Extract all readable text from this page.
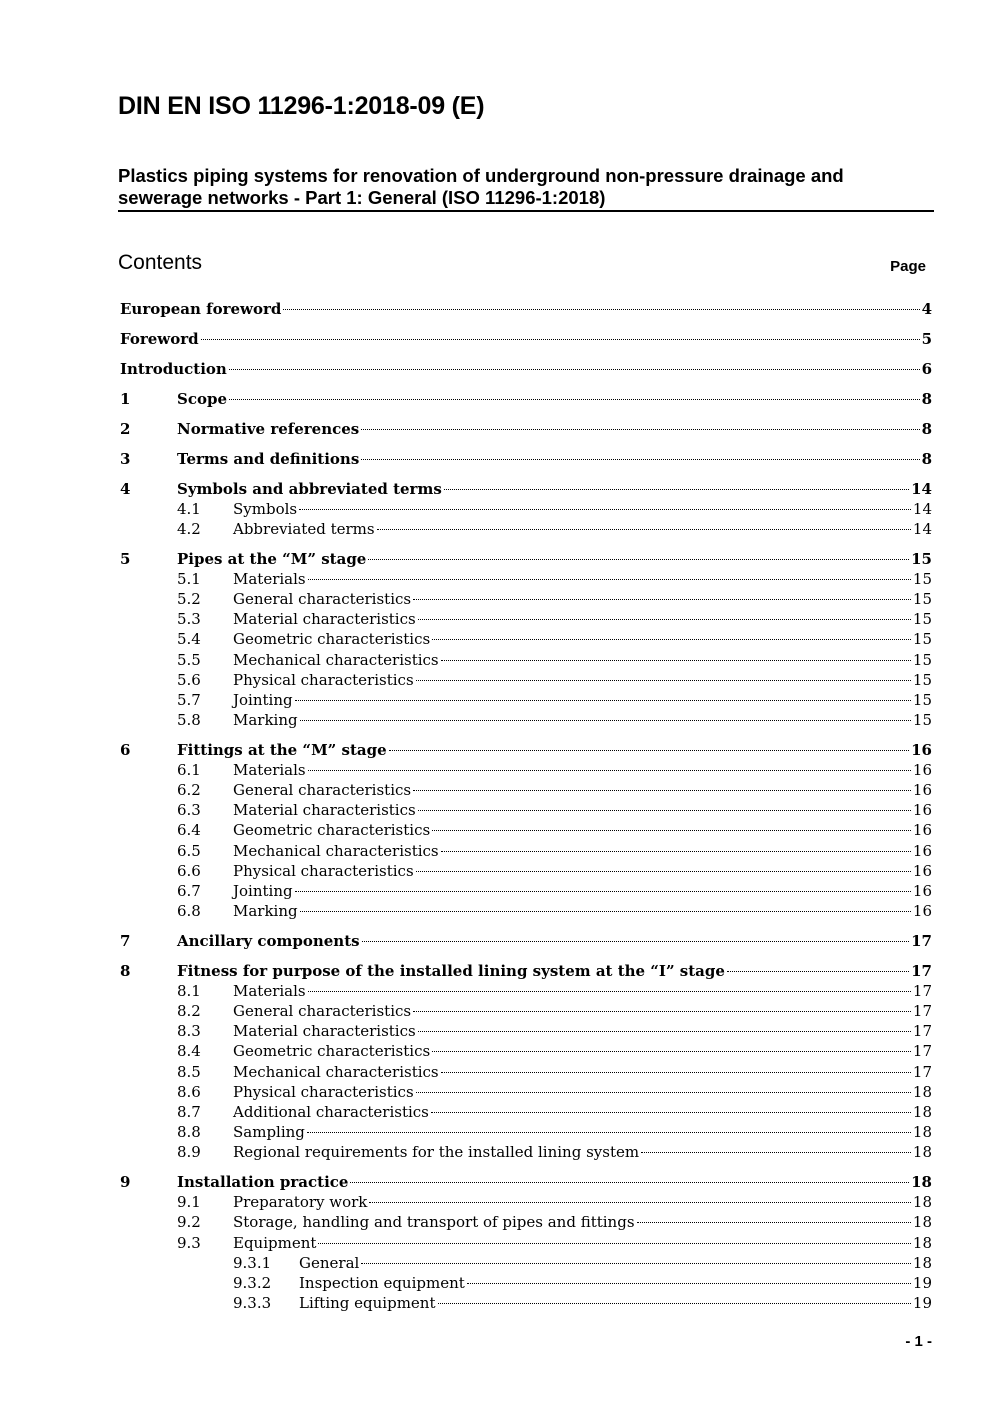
DIN EN ISO 11296-1:2018-09 (E)
Plastics piping systems for renovation of underground non-pressure drainage and sewerage networks - Part 1: General (ISO 11296-1:2018)
Contents	Page
European foreword	4
Foreword	5
Introduction	6
1	Scope	8
2	Normative references	8
3	Terms and definitions	8
4	Symbols and abbreviated terms	14
4.1	Symbols	14
4.2	Abbreviated terms	14
5	Pipes at the “M” stage	15
5.1	Materials	15
5.2	General characteristics	15
5.3	Material characteristics	15
5.4	Geometric characteristics	15
5.5	Mechanical characteristics	15
5.6	Physical characteristics	15
5.7	Jointing	15
5.8	Marking	15
6	Fittings at the “M” stage	16
6.1	Materials	16
6.2	General characteristics	16
6.3	Material characteristics	16
6.4	Geometric characteristics	16
6.5	Mechanical characteristics	16
6.6	Physical characteristics	16
6.7	Jointing	16
6.8	Marking	16
7	Ancillary components	17
8	Fitness for purpose of the installed lining system at the “I” stage	17
8.1	Materials	17
8.2	General characteristics	17
8.3	Material characteristics	17
8.4	Geometric characteristics	17
8.5	Mechanical characteristics	17
8.6	Physical characteristics	18
8.7	Additional characteristics	18
8.8	Sampling	18
8.9	Regional requirements for the installed lining system	18
9	Installation practice	18
9.1	Preparatory work	18
9.2	Storage, handling and transport of pipes and fittings	18
9.3	Equipment	18
9.3.1	General	18
9.3.2	Inspection equipment	19
9.3.3	Lifting equipment	19
- 1 -
